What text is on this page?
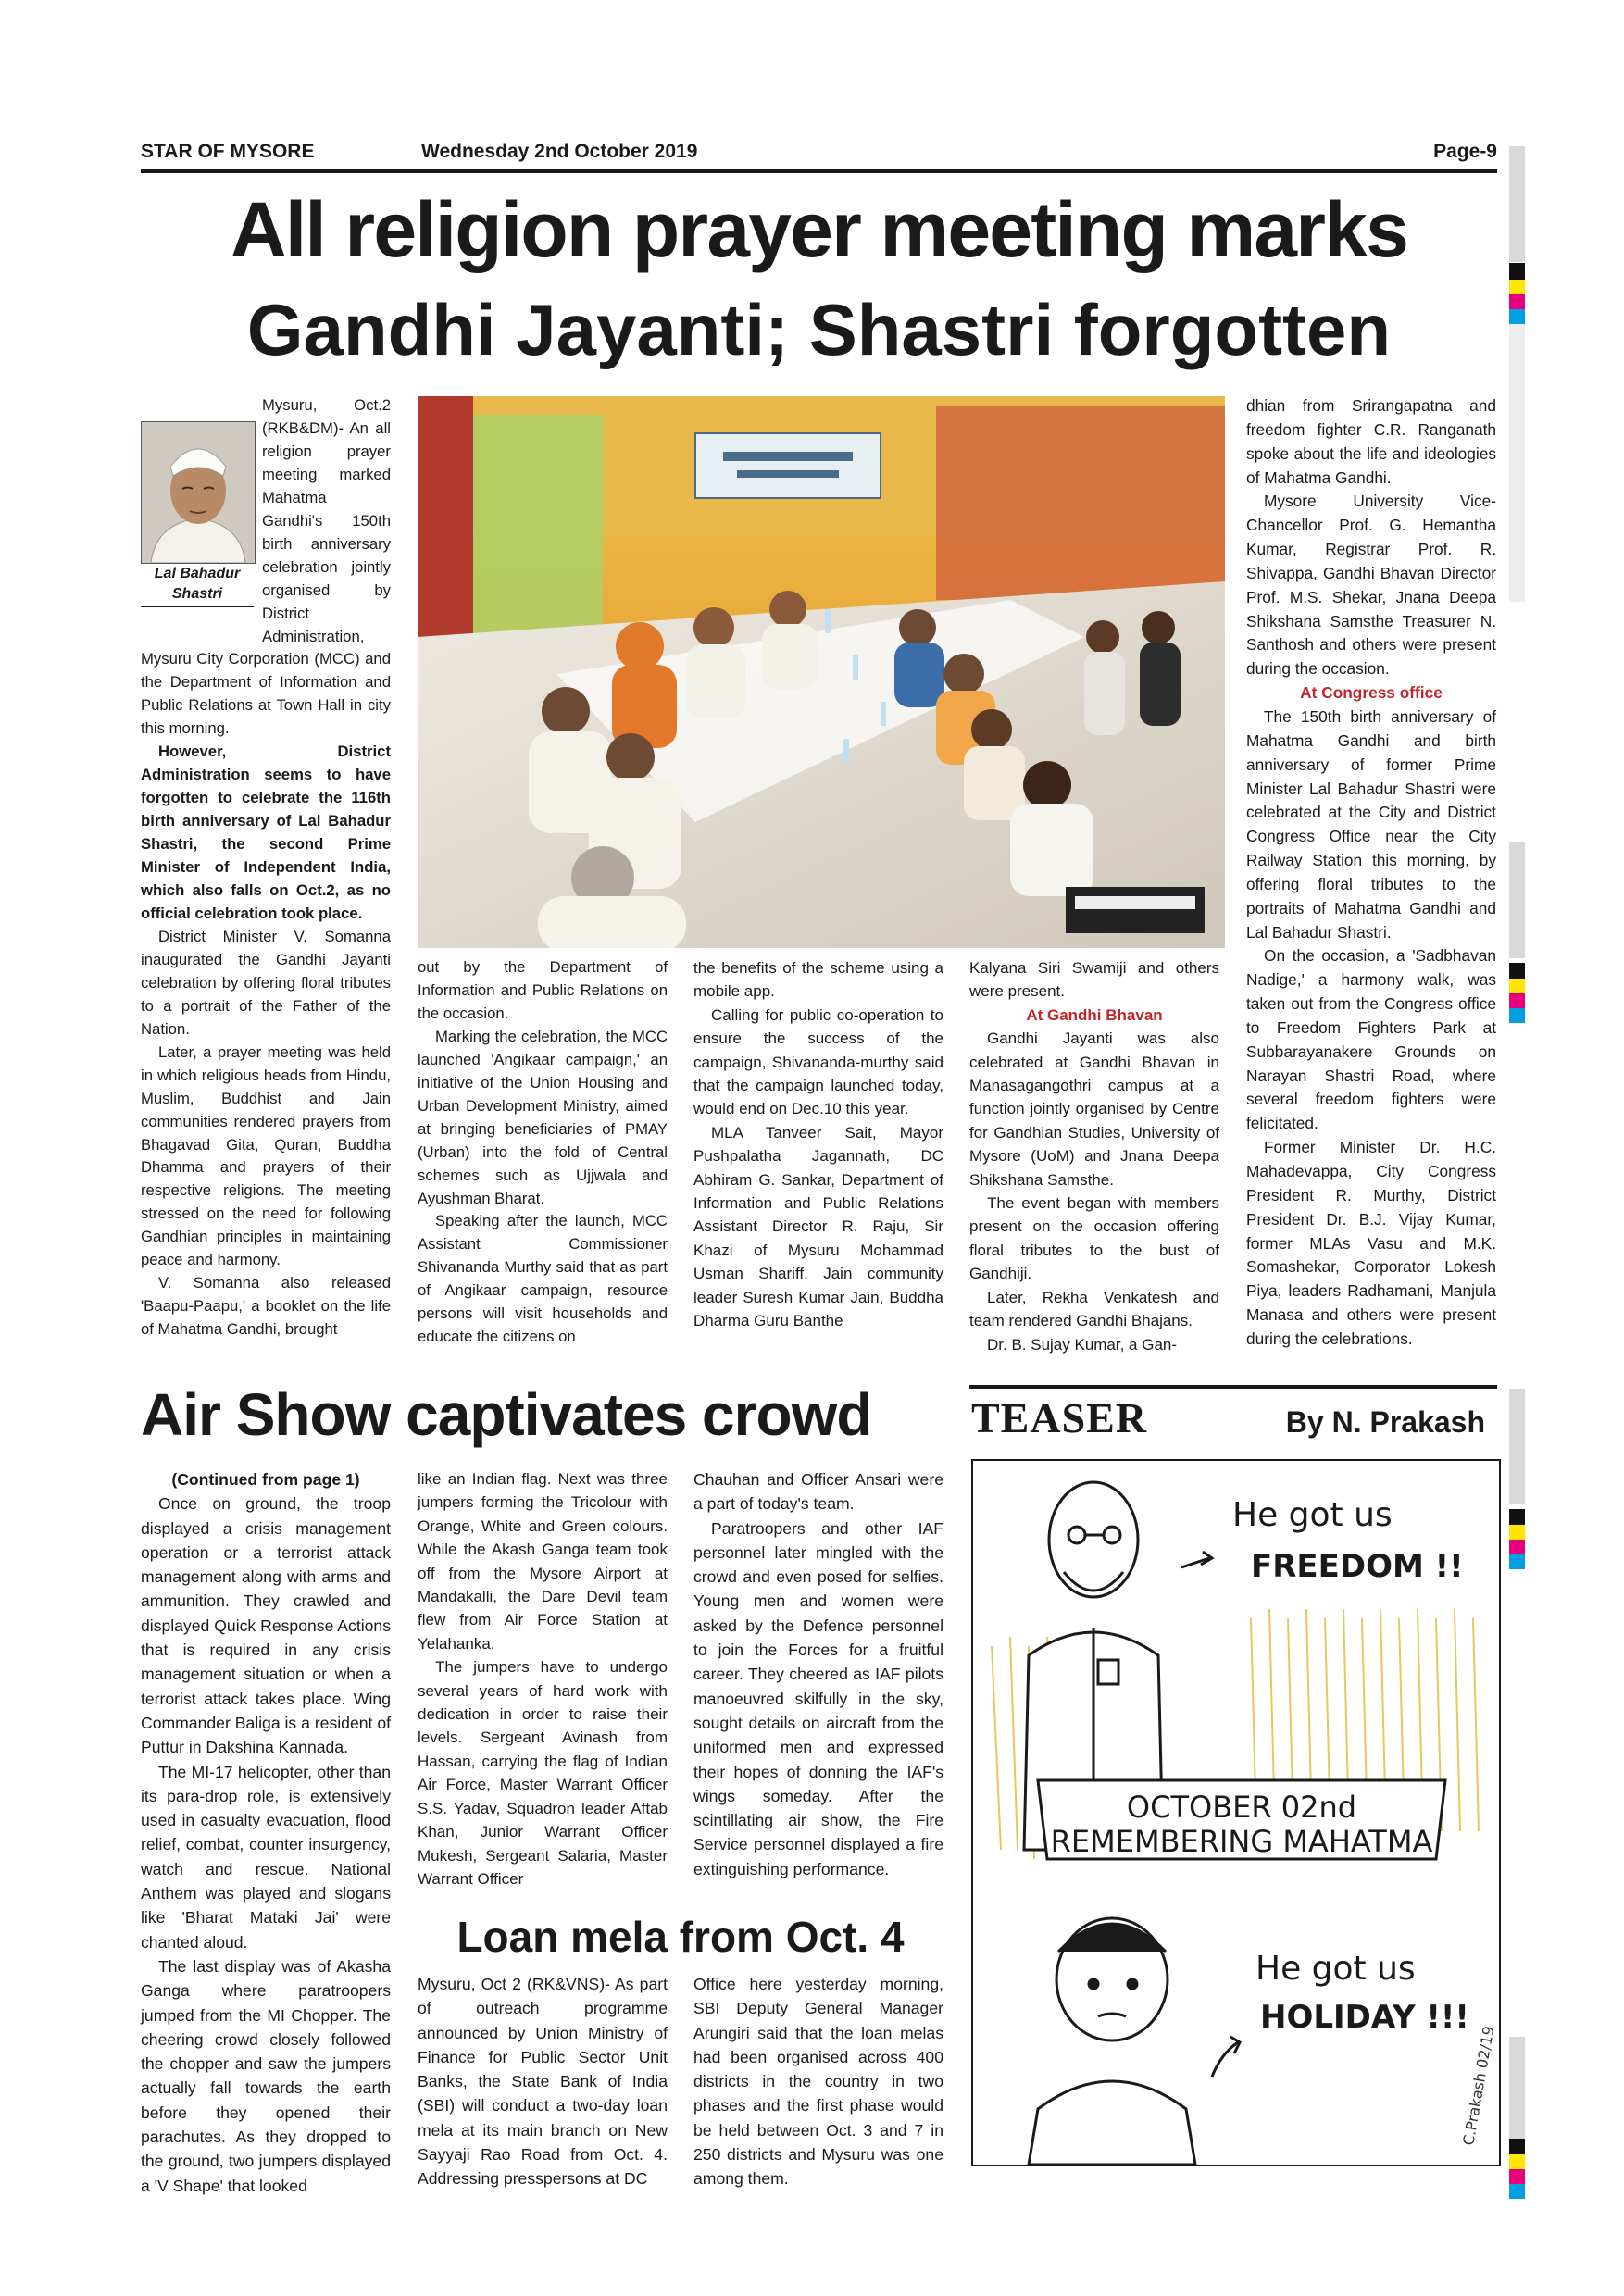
STAR OF MYSORE	Wednesday 2nd October 2019	Page-9
All religion prayer meeting marks
Gandhi Jayanti; Shastri forgotten
Lal Bahadur Shastri

Mysuru, Oct.2 (RKB&DM)- An all religion prayer meeting marked Mahatma Gandhi's 150th birth anniversary celebration jointly organised by District Administration, Mysuru City Corporation (MCC) and the Department of Information and Public Relations at Town Hall in city this morning.

However, District Administration seems to have forgotten to celebrate the 116th birth anniversary of Lal Bahadur Shastri, the second Prime Minister of Independent India, which also falls on Oct.2, as no official celebration took place.

District Minister V. Somanna inaugurated the Gandhi Jayanti celebration by offering floral tributes to a portrait of the Father of the Nation.

Later, a prayer meeting was held in which religious heads from Hindu, Muslim, Buddhist and Jain communities rendered prayers from Bhagavad Gita, Quran, Buddha Dhamma and prayers of their respective religions. The meeting stressed on the need for following Gandhian principles in maintaining peace and harmony.

V. Somanna also released 'Baapu-Paapu,' a booklet on the life of Mahatma Gandhi, brought

out by the Department of Information and Public Relations on the occasion.

Marking the celebration, the MCC launched 'Angikaar campaign,' an initiative of the Union Housing and Urban Development Ministry, aimed at bringing beneficiaries of PMAY (Urban) into the fold of Central schemes such as Ujjwala and Ayushman Bharat.

Speaking after the launch, MCC Assistant Commissioner Shivananda Murthy said that as part of Angikaar campaign, resource persons will visit households and educate the citizens on

the benefits of the scheme using a mobile app.

Calling for public co-operation to ensure the success of the campaign, Shivananda-murthy said that the campaign launched today, would end on Dec.10 this year.

MLA Tanveer Sait, Mayor Pushpalatha Jagannath, DC Abhiram G. Sankar, Department of Information and Public Relations Assistant Director R. Raju, Sir Khazi of Mysuru Mohammad Usman Shariff, Jain community leader Suresh Kumar Jain, Buddha Dharma Guru Banthe

Kalyana Siri Swamiji and others were present.

At Gandhi Bhavan

Gandhi Jayanti was also celebrated at Gandhi Bhavan in Manasagangothri campus at a function jointly organised by Centre for Gandhian Studies, University of Mysore (UoM) and Jnana Deepa Shikshana Samsthe.

The event began with members present on the occasion offering floral tributes to the bust of Gandhiji.

Later, Rekha Venkatesh and team rendered Gandhi Bhajans.

Dr. B. Sujay Kumar, a Gan-

dhian from Srirangapatna and freedom fighter C.R. Ranganath spoke about the life and ideologies of Mahatma Gandhi.

Mysore University Vice-Chancellor Prof. G. Hemantha Kumar, Registrar Prof. R. Shivappa, Gandhi Bhavan Director Prof. M.S. Shekar, Jnana Deepa Shikshana Samsthe Treasurer N. Santhosh and others were present during the occasion.

At Congress office

The 150th birth anniversary of Mahatma Gandhi and birth anniversary of former Prime Minister Lal Bahadur Shastri were celebrated at the City and District Congress Office near the City Railway Station this morning, by offering floral tributes to the portraits of Mahatma Gandhi and Lal Bahadur Shastri.

On the occasion, a 'Sadbhavan Nadige,' a harmony walk, was taken out from the Congress office to Freedom Fighters Park at Subbarayanakere Grounds on Narayan Shastri Road, where several freedom fighters were felicitated.

Former Minister Dr. H.C. Mahadevappa, City Congress President R. Murthy, District President Dr. B.J. Vijay Kumar, former MLAs Vasu and M.K. Somashekar, Corporator Lokesh Piya, leaders Radhamani, Manjula Manasa and others were present during the celebrations.

Air Show captivates crowd

(Continued from page 1)

Once on ground, the troop displayed a crisis management operation or a terrorist attack management along with arms and ammunition. They crawled and displayed Quick Response Actions that is required in any crisis management situation or when a terrorist attack takes place. Wing Commander Baliga is a resident of Puttur in Dakshina Kannada.

The MI-17 helicopter, other than its para-drop role, is extensively used in casualty evacuation, flood relief, combat, counter insurgency, watch and rescue. National Anthem was played and slogans like 'Bharat Mataki Jai' were chanted aloud.

The last display was of Akasha Ganga where paratroopers jumped from the MI Chopper. The cheering crowd closely followed the chopper and saw the jumpers actually fall towards the earth before they opened their parachutes. As they dropped to the ground, two jumpers displayed a 'V Shape' that looked

like an Indian flag. Next was three jumpers forming the Tricolour with Orange, White and Green colours. While the Akash Ganga team took off from the Mysore Airport at Mandakalli, the Dare Devil team flew from Air Force Station at Yelahanka.

The jumpers have to undergo several years of hard work with dedication in order to raise their levels. Sergeant Avinash from Hassan, carrying the flag of Indian Air Force, Master Warrant Officer S.S. Yadav, Squadron leader Aftab Khan, Junior Warrant Officer Mukesh, Sergeant Salaria, Master Warrant Officer

Chauhan and Officer Ansari were a part of today's team.

Paratroopers and other IAF personnel later mingled with the crowd and even posed for selfies. Young men and women were asked by the Defence personnel to join the Forces for a fruitful career. They cheered as IAF pilots manoeuvred skilfully in the sky, sought details on aircraft from the uniformed men and expressed their hopes of donning the IAF's wings someday. After the scintillating air show, the Fire Service personnel displayed a fire extinguishing performance.

Loan mela from Oct. 4

Mysuru, Oct 2 (RK&VNS)- As part of outreach programme announced by Union Ministry of Finance for Public Sector Unit Banks, the State Bank of India (SBI) will conduct a two-day loan mela at its main branch on New Sayyaji Rao Road from Oct. 4. Addressing presspersons at DC

Office here yesterday morning, SBI Deputy General Manager Arungiri said that the loan melas had been organised across 400 districts in the country in two phases and the first phase would be held between Oct. 3 and 7 in 250 districts and Mysuru was one among them.

TEASER	By N. Prakash
He got us
FREEDOM !!
OCTOBER 02nd
REMEMBERING MAHATMA
He got us
HOLIDAY !!!
C.Prakash 02/19
